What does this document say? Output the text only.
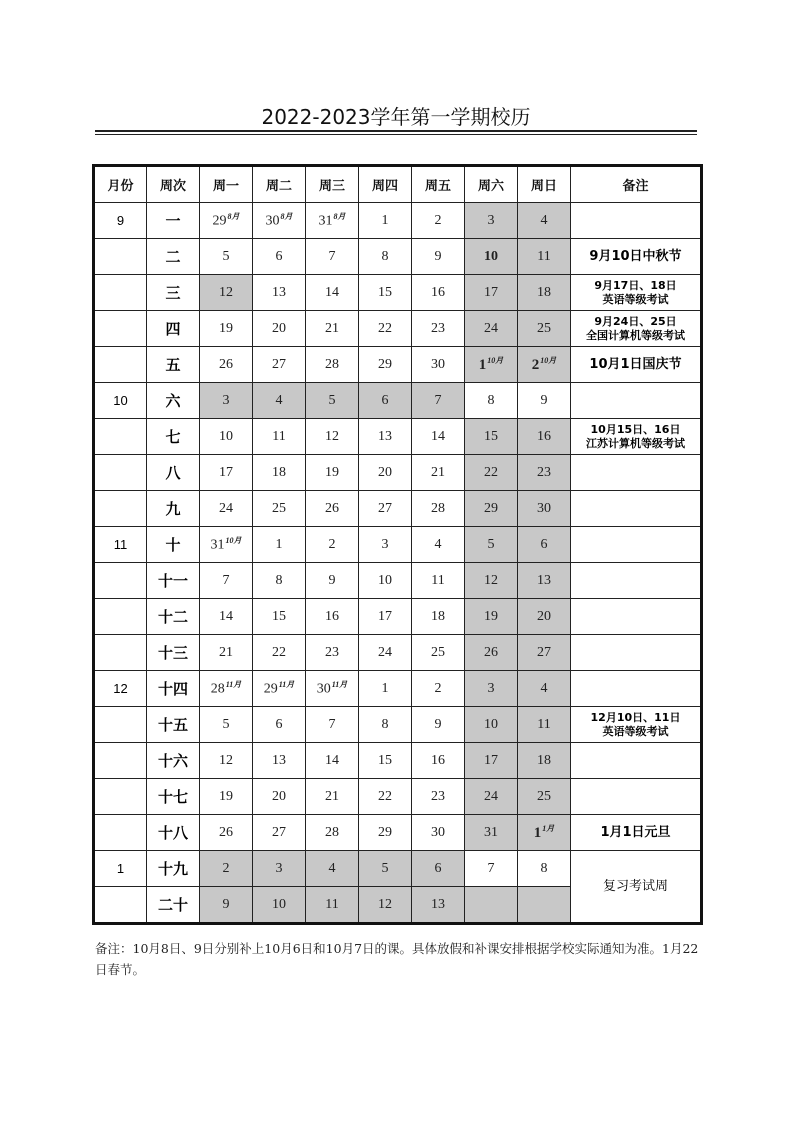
2022-2023学年第一学期校历
月份	周次	周一	周二	周三	周四	周五	周六	周日	备注
9	一	$29^{8月}$	$30^{8月}$	$31^{8月}$	1	2	3	4	
	二	5	6	7	8	9	10	11	9月10日中秋节
	三	12	13	14	15	16	17	18	9月17日、18日
英语等级考试
	四	19	20	21	22	23	24	25	9月24日、25日
全国计算机等级考试
	五	26	27	28	29	30	$1^{10月}$	$2^{10月}$	10月1日国庆节
10	六	3	4	5	6	7	8	9	
	七	10	11	12	13	14	15	16	10月15日、16日
江苏计算机等级考试
	八	17	18	19	20	21	22	23	
	九	24	25	26	27	28	29	30	
11	十	$31^{10月}$	1	2	3	4	5	6	
	十一	7	8	9	10	11	12	13	
	十二	14	15	16	17	18	19	20	
	十三	21	22	23	24	25	26	27	
12	十四	$28^{11月}$	$29^{11月}$	$30^{11月}$	1	2	3	4	
	十五	5	6	7	8	9	10	11	12月10日、11日
英语等级考试
	十六	12	13	14	15	16	17	18	
	十七	19	20	21	22	23	24	25	
	十八	26	27	28	29	30	31	$1^{1月}$	1月1日元旦
1	十九	2	3	4	5	6	7	8	复习考试周
	二十	9	10	11	12	13			
备注：10月8日、9日分别补上10月6日和10月7日的课。具体放假和补课安排根据学校实际通知为准。1月22日春节。
